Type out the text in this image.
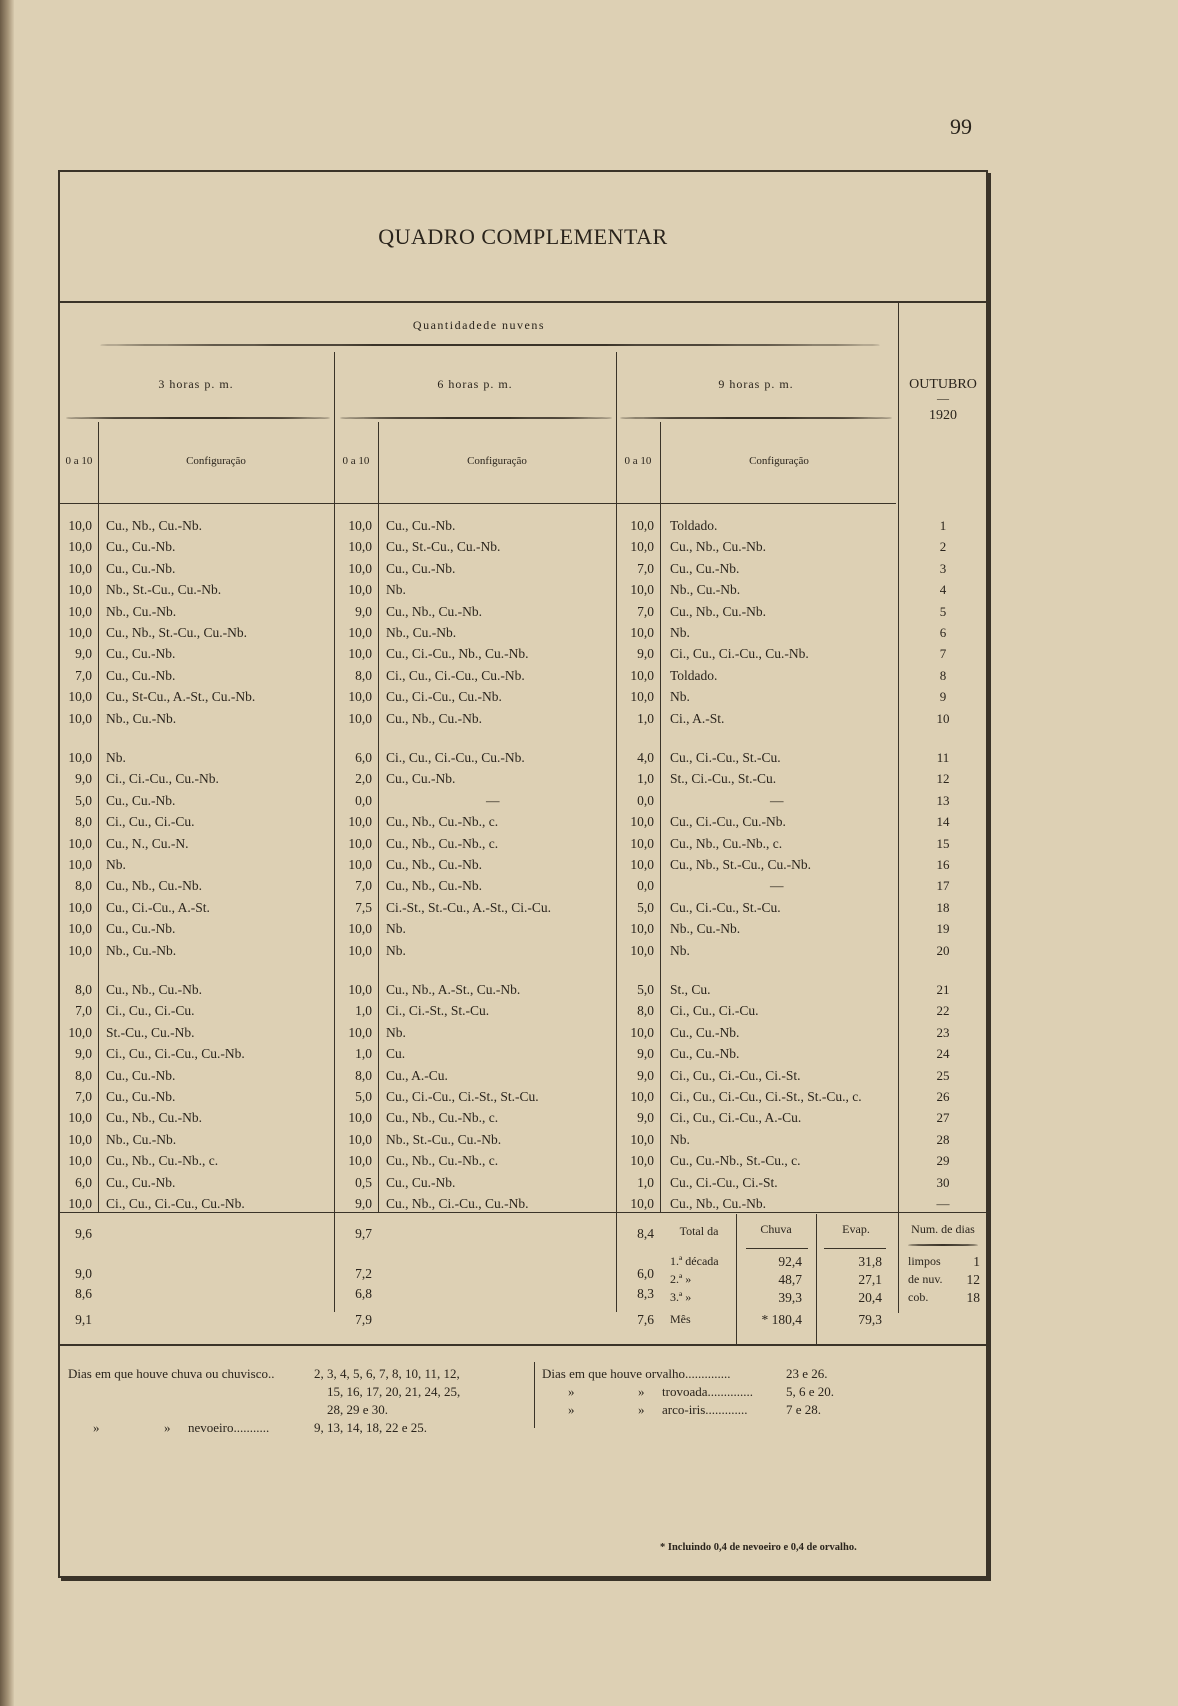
99
QUADRO COMPLEMENTAR
Quantidadede nuvens
OUTUBRO
—
1920
3 horas p. m.	6 horas p. m.	9 horas p. m.
0 a 10	Configuração	0 a 10	Configuração	0 a 10	Configuração
10,0 Cu., Nb., Cu.-Nb.	10,0 Cu., Cu.-Nb.	10,0 Toldado.	1
10,0 Cu., Cu.-Nb.	10,0 Cu., St.-Cu., Cu.-Nb.	10,0 Cu., Nb., Cu.-Nb.	2
10,0 Cu., Cu.-Nb.	10,0 Cu., Cu.-Nb.	7,0 Cu., Cu.-Nb.	3
10,0 Nb., St.-Cu., Cu.-Nb.	10,0 Nb.	10,0 Nb., Cu.-Nb.	4
10,0 Nb., Cu.-Nb.	9,0 Cu., Nb., Cu.-Nb.	7,0 Cu., Nb., Cu.-Nb.	5
10,0 Cu., Nb., St.-Cu., Cu.-Nb.	10,0 Nb., Cu.-Nb.	10,0 Nb.	6
9,0 Cu., Cu.-Nb.	10,0 Cu., Ci.-Cu., Nb., Cu.-Nb.	9,0 Ci., Cu., Ci.-Cu., Cu.-Nb.	7
7,0 Cu., Cu.-Nb.	8,0 Ci., Cu., Ci.-Cu., Cu.-Nb.	10,0 Toldado.	8
10,0 Cu., St-Cu., A.-St., Cu.-Nb.	10,0 Cu., Ci.-Cu., Cu.-Nb.	10,0 Nb.	9
10,0 Nb., Cu.-Nb.	10,0 Cu., Nb., Cu.-Nb.	1,0 Ci., A.-St.	10
10,0 Nb.	6,0 Ci., Cu., Ci.-Cu., Cu.-Nb.	4,0 Cu., Ci.-Cu., St.-Cu.	11
9,0 Ci., Ci.-Cu., Cu.-Nb.	2,0 Cu., Cu.-Nb.	1,0 St., Ci.-Cu., St.-Cu.	12
5,0 Cu., Cu.-Nb.	0,0	—	0,0	—	13
8,0 Ci., Cu., Ci.-Cu.	10,0 Cu., Nb., Cu.-Nb., c.	10,0 Cu., Ci.-Cu., Cu.-Nb.	14
10,0 Cu., N., Cu.-N.	10,0 Cu., Nb., Cu.-Nb., c.	10,0 Cu., Nb., Cu.-Nb., c.	15
10,0 Nb.	10,0 Cu., Nb., Cu.-Nb.	10,0 Cu., Nb., St.-Cu., Cu.-Nb.	16
8,0 Cu., Nb., Cu.-Nb.	7,0 Cu., Nb., Cu.-Nb.	0,0	—	17
10,0 Cu., Ci.-Cu., A.-St.	7,5 Ci.-St., St.-Cu., A.-St., Ci.-Cu.	5,0 Cu., Ci.-Cu., St.-Cu.	18
10,0 Cu., Cu.-Nb.	10,0 Nb.	10,0 Nb., Cu.-Nb.	19
10,0 Nb., Cu.-Nb.	10,0 Nb.	10,0 Nb.	20
8,0 Cu., Nb., Cu.-Nb.	10,0 Cu., Nb., A.-St., Cu.-Nb.	5,0 St., Cu.	21
7,0 Ci., Cu., Ci.-Cu.	1,0 Ci., Ci.-St., St.-Cu.	8,0 Ci., Cu., Ci.-Cu.	22
10,0 St.-Cu., Cu.-Nb.	10,0 Nb.	10,0 Cu., Cu.-Nb.	23
9,0 Ci., Cu., Ci.-Cu., Cu.-Nb.	1,0 Cu.	9,0 Cu., Cu.-Nb.	24
8,0 Cu., Cu.-Nb.	8,0 Cu., A.-Cu.	9,0 Ci., Cu., Ci.-Cu., Ci.-St.	25
7,0 Cu., Cu.-Nb.	5,0 Cu., Ci.-Cu., Ci.-St., St.-Cu.	10,0 Ci., Cu., Ci.-Cu., Ci.-St., St.-Cu., c.	26
10,0 Cu., Nb., Cu.-Nb.	10,0 Cu., Nb., Cu.-Nb., c.	9,0 Ci., Cu., Ci.-Cu., A.-Cu.	27
10,0 Nb., Cu.-Nb.	10,0 Nb., St.-Cu., Cu.-Nb.	10,0 Nb.	28
10,0 Cu., Nb., Cu.-Nb., c.	10,0 Cu., Nb., Cu.-Nb., c.	10,0 Cu., Cu.-Nb., St.-Cu., c.	29
6,0 Cu., Cu.-Nb.	0,5 Cu., Cu.-Nb.	1,0 Cu., Ci.-Cu., Ci.-St.	30
10,0 Ci., Cu., Ci.-Cu., Cu.-Nb.	9,0 Cu., Nb., Ci.-Cu., Cu.-Nb.	10,0 Cu., Nb., Cu.-Nb.	—
9,6	9,7	8,4
9,0	7,2	6,0
8,6	6,8	8,3
9,1	7,9	7,6
Total da	Chuva	Evap.
1.ª década	92,4	31,8
2.ª »	48,7	27,1
3.ª »	39,3	20,4
Mês	* 180,4	79,3
Num. de dias
limpos	1
de nuv.	12
cob.	18
Dias em que houve chuva ou chuvisco..	2, 3, 4, 5, 6, 7, 8, 10, 11, 12,
15, 16, 17, 20, 21, 24, 25,
28, 29 e 30.
»	» nevoeiro...........	9, 13, 14, 18, 22 e 25.
Dias em que houve orvalho..............	23 e 26.
»	» trovoada..............	5, 6 e 20.
»	» arco-iris.............	7 e 28.
* Incluindo 0,4 de nevoeiro e 0,4 de orvalho.
